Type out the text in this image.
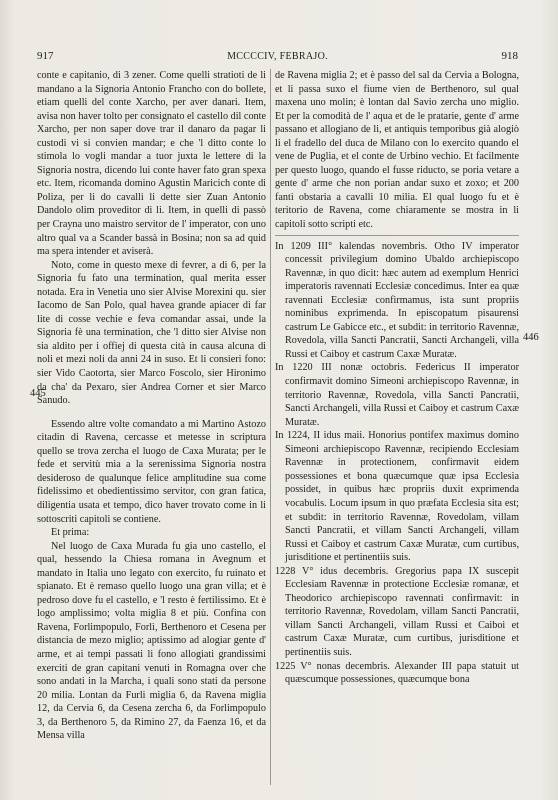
917	MCCCCIV, FEBRAJO.	918
445
446

conte e capitanio, di 3 zener. Come quelli stratioti de li mandano a la Signoria Antonio Francho con do bollete, etiam quelli del conte Xarcho, per aver danari. Item, avisa non haver tolto per consignato el castello dil conte Xarcho, per non saper dove trar il danaro da pagar li custodi vi si convien mandar; e che 'l ditto conte lo stimola lo vogli mandar a tuor juxta le lettere di la Signoria nostra, dicendo lui conte haver fato gran spexa etc. Item, ricomanda domino Agustin Maricich conte di Poliza, per li do cavalli li dette sier Zuan Antonio Dandolo olim proveditor di li. Item, in quelli di passò per Crayna uno maistro servitor de l' imperator, con uno altro qual va a Scander bassà in Bosina; non sa ad quid ma spera intender et aviserà.

Noto, come in questo mexe di fevrer, a di 6, per la Signoria fu fato una termination, qual merita esser notada. Era in Venetia uno sier Alvise Morexini qu. sier Iacomo de San Polo, qual havea grande apiacer di far lite di cosse vechie e feva comandar assai, unde la Signoria fè una termination, che 'l ditto sier Alvise non sia aldito per i offiej di questa cità in causa alcuna di noli et mezi noli da anni 24 in suso. Et li consieri fono: sier Vido Caotorta, sier Marco Foscolo, sier Hironimo da cha' da Pexaro, sier Andrea Corner et sier Marco Sanudo.

Essendo altre volte comandato a mi Martino Astozo citadin di Ravena, cercasse et metesse in scriptura quello se trova zercha el luogo de Caxa Murata; per le fede et servitù mia a la serenissima Signoria nostra desideroso de qualunque felice amplitudine sua come fidelissimo et obedientissimo servitor, con gran fatica, diligentia usata et tempo, dico haver trovato come in li sottoscriti capitoli se contiene.

Et prima:

Nel luogo de Caxa Murada fu gia uno castello, el qual, hessendo la Chiesa romana in Avegnum et mandato in Italia uno legato con exercito, fu ruinato et spianato. Et è remaso quello luogo una gran villa; et è pedroso dove fu el castello, e 'l resto è fertilissimo. Et è logo amplissimo; volta miglia 8 et più. Confina con Ravena, Forlimpopulo, Forlì, Berthenoro et Cesena per distancia de mezo miglio; aptissimo ad alogiar gente d' arme, et ai tempi passati li fono allogiati grandissimi exerciti de gran capitani venuti in Romagna over che sono andati in la Marcha, i quali sono stati da persone 20 milia. Lontan da Furli miglia 6, da Ravena miglia 12, da Cervia 6, da Cesena zercha 6, da Forlimpopulo 3, da Berthenoro 5, da Rimino 27, da Faenza 16, et da Mensa villa

de Ravena miglia 2; et è passo del sal da Cervia a Bologna, et li passa suxo el fiume vien de Berthenoro, sul qual maxena uno molin; è lontan dal Savio zercha uno miglio. Et per la comodità de l' aqua et de le pratarie, gente d' arme passano et allogiano de li, et antiquis temporibus già alogiò li el fradello del duca de Milano con lo exercito quando el vene de Puglia, et el conte de Urbino vechio. Et facilmente per questo luogo, quando el fusse riducto, se poria vetare a gente d' arme che non porian andar suxo et zoxo; et 200 fanti obstaria a cavalli 10 milia. El qual luogo fu et è teritorio de Ravena, come chiaramente se mostra in li capitoli sotto scripti etc.

In 1209 III° kalendas novembris. Otho IV imperator concessit privilegium domino Ubaldo archiepiscopo Ravennæ, in quo dicit: hæc autem ad exemplum Henrici imperatoris ravennati Ecclesiæ concedimus. Inter ea quæ ravennati Ecclesiæ confirmamus, ista sunt propriis nominibus exprimenda. In episcopatum pisaurensi castrum Le Gabicce etc., et subdit: in territorio Ravennæ, Rovedola, villa Sancti Pancratii, Sancti Archangeli, villa Russi et Caiboy et castrum Caxæ Muratæ.

In 1220 III nonæ octobris. Federicus II imperator confirmavit domino Simeoni archiepiscopo Ravennæ, in territorio Ravennæ, Rovedola, villa Sancti Pancratii, Sancti Archangeli, villa Russi et Caiboy et castrum Caxæ Muratæ.

In 1224, II idus maii. Honorius pontifex maximus domino Simeoni archiepiscopo Ravennæ, recipiendo Ecclesiam Ravennæ in protectionem, confirmavit eidem possessiones et bona quæcumque quæ ipsa Ecclesia possidet, in quibus hæc propriis duxit exprimenda vocabulis. Locum ipsum in quo præfata Ecclesia sita est; et subdit: in territorio Ravennæ, Rovedolam, villam Sancti Pancratii, et villam Sancti Archangeli, villam Russi et Caiboy et castrum Caxæ Muratæ, cum curtibus, jurisditione et pertinentiis suis.

1228 V° idus decembris. Gregorius papa IX suscepit Ecclesiam Ravennæ in protectione Ecclesiæ romanæ, et Theodorico archiepiscopo ravennati confirmavit: in territorio Ravennæ, Rovedolam, villam Sancti Pancratii, villam Sancti Archangeli, villam Russi et Caiboi et castrum Caxæ Muratæ, cum curtibus, jurisditione et pertinentiis suis.

1225 V° nonas decembris. Alexander III papa statuit ut quæscumque possessiones, quæcumque bona
